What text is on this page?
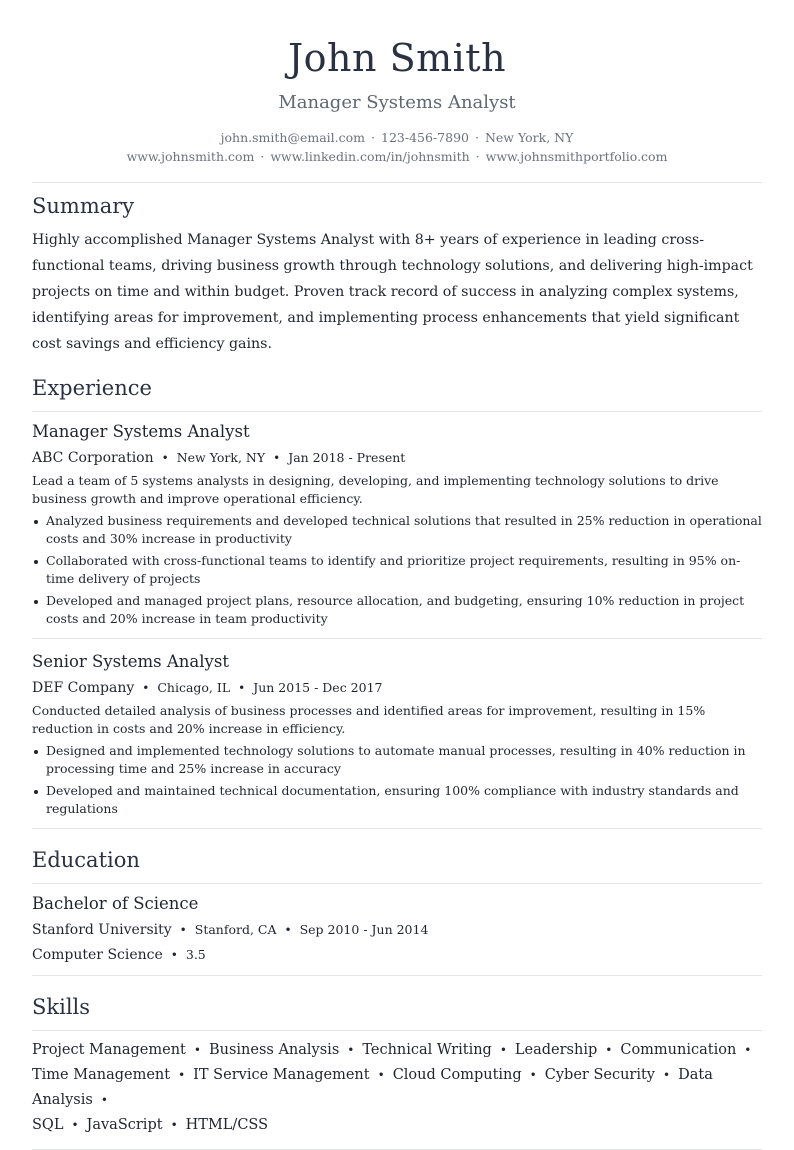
John Smith
Manager Systems Analyst
john.smith@email.com · 123-456-7890 · New York, NY
www.johnsmith.com · www.linkedin.com/in/johnsmith · www.johnsmithportfolio.com
Summary
Highly accomplished Manager Systems Analyst with 8+ years of experience in leading cross-functional teams, driving business growth through technology solutions, and delivering high-impact projects on time and within budget. Proven track record of success in analyzing complex systems, identifying areas for improvement, and implementing process enhancements that yield significant cost savings and efficiency gains.
Experience
Manager Systems Analyst
ABC Corporation • New York, NY • Jan 2018 - Present
Lead a team of 5 systems analysts in designing, developing, and implementing technology solutions to drive business growth and improve operational efficiency.
Analyzed business requirements and developed technical solutions that resulted in 25% reduction in operational costs and 30% increase in productivity
Collaborated with cross-functional teams to identify and prioritize project requirements, resulting in 95% on-time delivery of projects
Developed and managed project plans, resource allocation, and budgeting, ensuring 10% reduction in project costs and 20% increase in team productivity
Senior Systems Analyst
DEF Company • Chicago, IL • Jun 2015 - Dec 2017
Conducted detailed analysis of business processes and identified areas for improvement, resulting in 15% reduction in costs and 20% increase in efficiency.
Designed and implemented technology solutions to automate manual processes, resulting in 40% reduction in processing time and 25% increase in accuracy
Developed and maintained technical documentation, ensuring 100% compliance with industry standards and regulations
Education
Bachelor of Science
Stanford University • Stanford, CA • Sep 2010 - Jun 2014
Computer Science • 3.5
Skills
Project Management • Business Analysis • Technical Writing • Leadership • Communication •
Time Management • IT Service Management • Cloud Computing • Cyber Security • Data Analysis •
SQL • JavaScript • HTML/CSS
